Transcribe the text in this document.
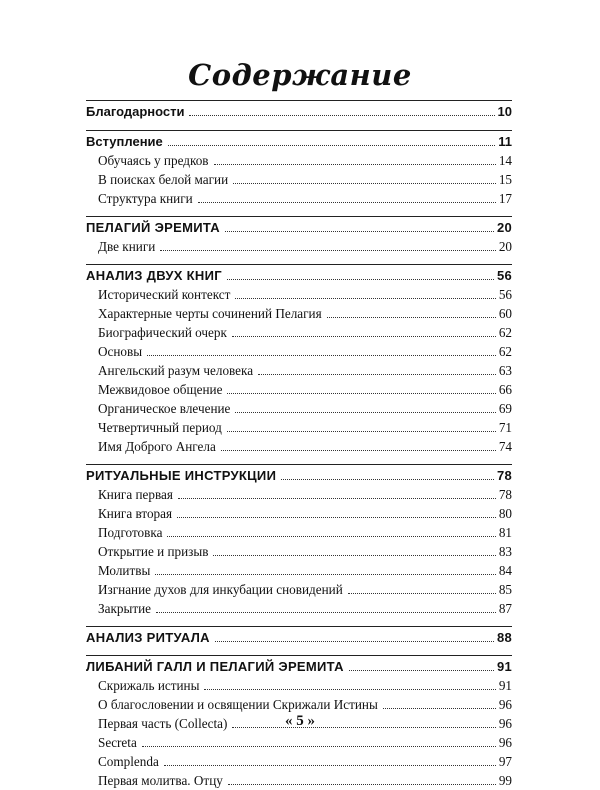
Содержание
Благодарности	10
Вступление	11
Обучаясь у предков	14
В поисках белой магии	15
Структура книги	17
ПЕЛАГИЙ ЭРЕМИТА	20
Две книги	20
АНАЛИЗ ДВУХ КНИГ	56
Исторический контекст	56
Характерные черты сочинений Пелагия	60
Биографический очерк	62
Основы	62
Ангельский разум человека	63
Межвидовое общение	66
Органическое влечение	69
Четвертичный период	71
Имя Доброго Ангела	74
РИТУАЛЬНЫЕ ИНСТРУКЦИИ	78
Книга первая	78
Книга вторая	80
Подготовка	81
Открытие и призыв	83
Молитвы	84
Изгнание духов для инкубации сновидений	85
Закрытие	87
АНАЛИЗ РИТУАЛА	88
ЛИБАНИЙ ГАЛЛ И ПЕЛАГИЙ ЭРЕМИТА	91
Скрижаль истины	91
О благословении и освящении Скрижали Истины	96
Первая часть (Collecta)	96
Secreta	96
Complenda	97
Первая молитва. Отцу	99
« 5 »
